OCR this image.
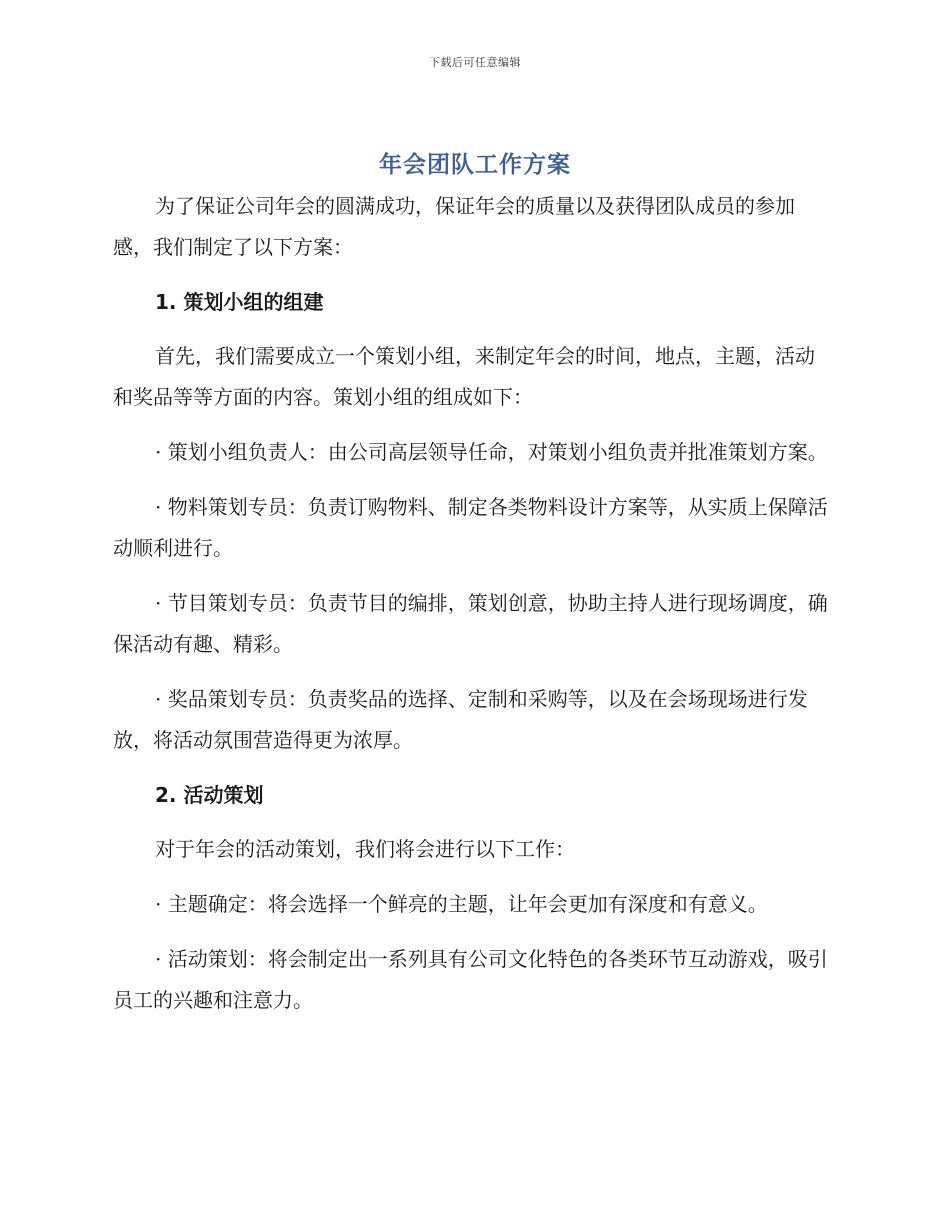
下载后可任意编辑
年会团队工作方案

为了保证公司年会的圆满成功，保证年会的质量以及获得团队成员的参加感，我们制定了以下方案：

1. 策划小组的组建

首先，我们需要成立一个策划小组，来制定年会的时间，地点，主题，活动和奖品等等方面的内容。策划小组的组成如下：

· 策划小组负责人：由公司高层领导任命，对策划小组负责并批准策划方案。

· 物料策划专员：负责订购物料、制定各类物料设计方案等，从实质上保障活动顺利进行。

· 节目策划专员：负责节目的编排，策划创意，协助主持人进行现场调度，确保活动有趣、精彩。

· 奖品策划专员：负责奖品的选择、定制和采购等，以及在会场现场进行发放，将活动氛围营造得更为浓厚。

2. 活动策划

对于年会的活动策划，我们将会进行以下工作：

· 主题确定：将会选择一个鲜亮的主题，让年会更加有深度和有意义。

· 活动策划：将会制定出一系列具有公司文化特色的各类环节互动游戏，吸引员工的兴趣和注意力。
